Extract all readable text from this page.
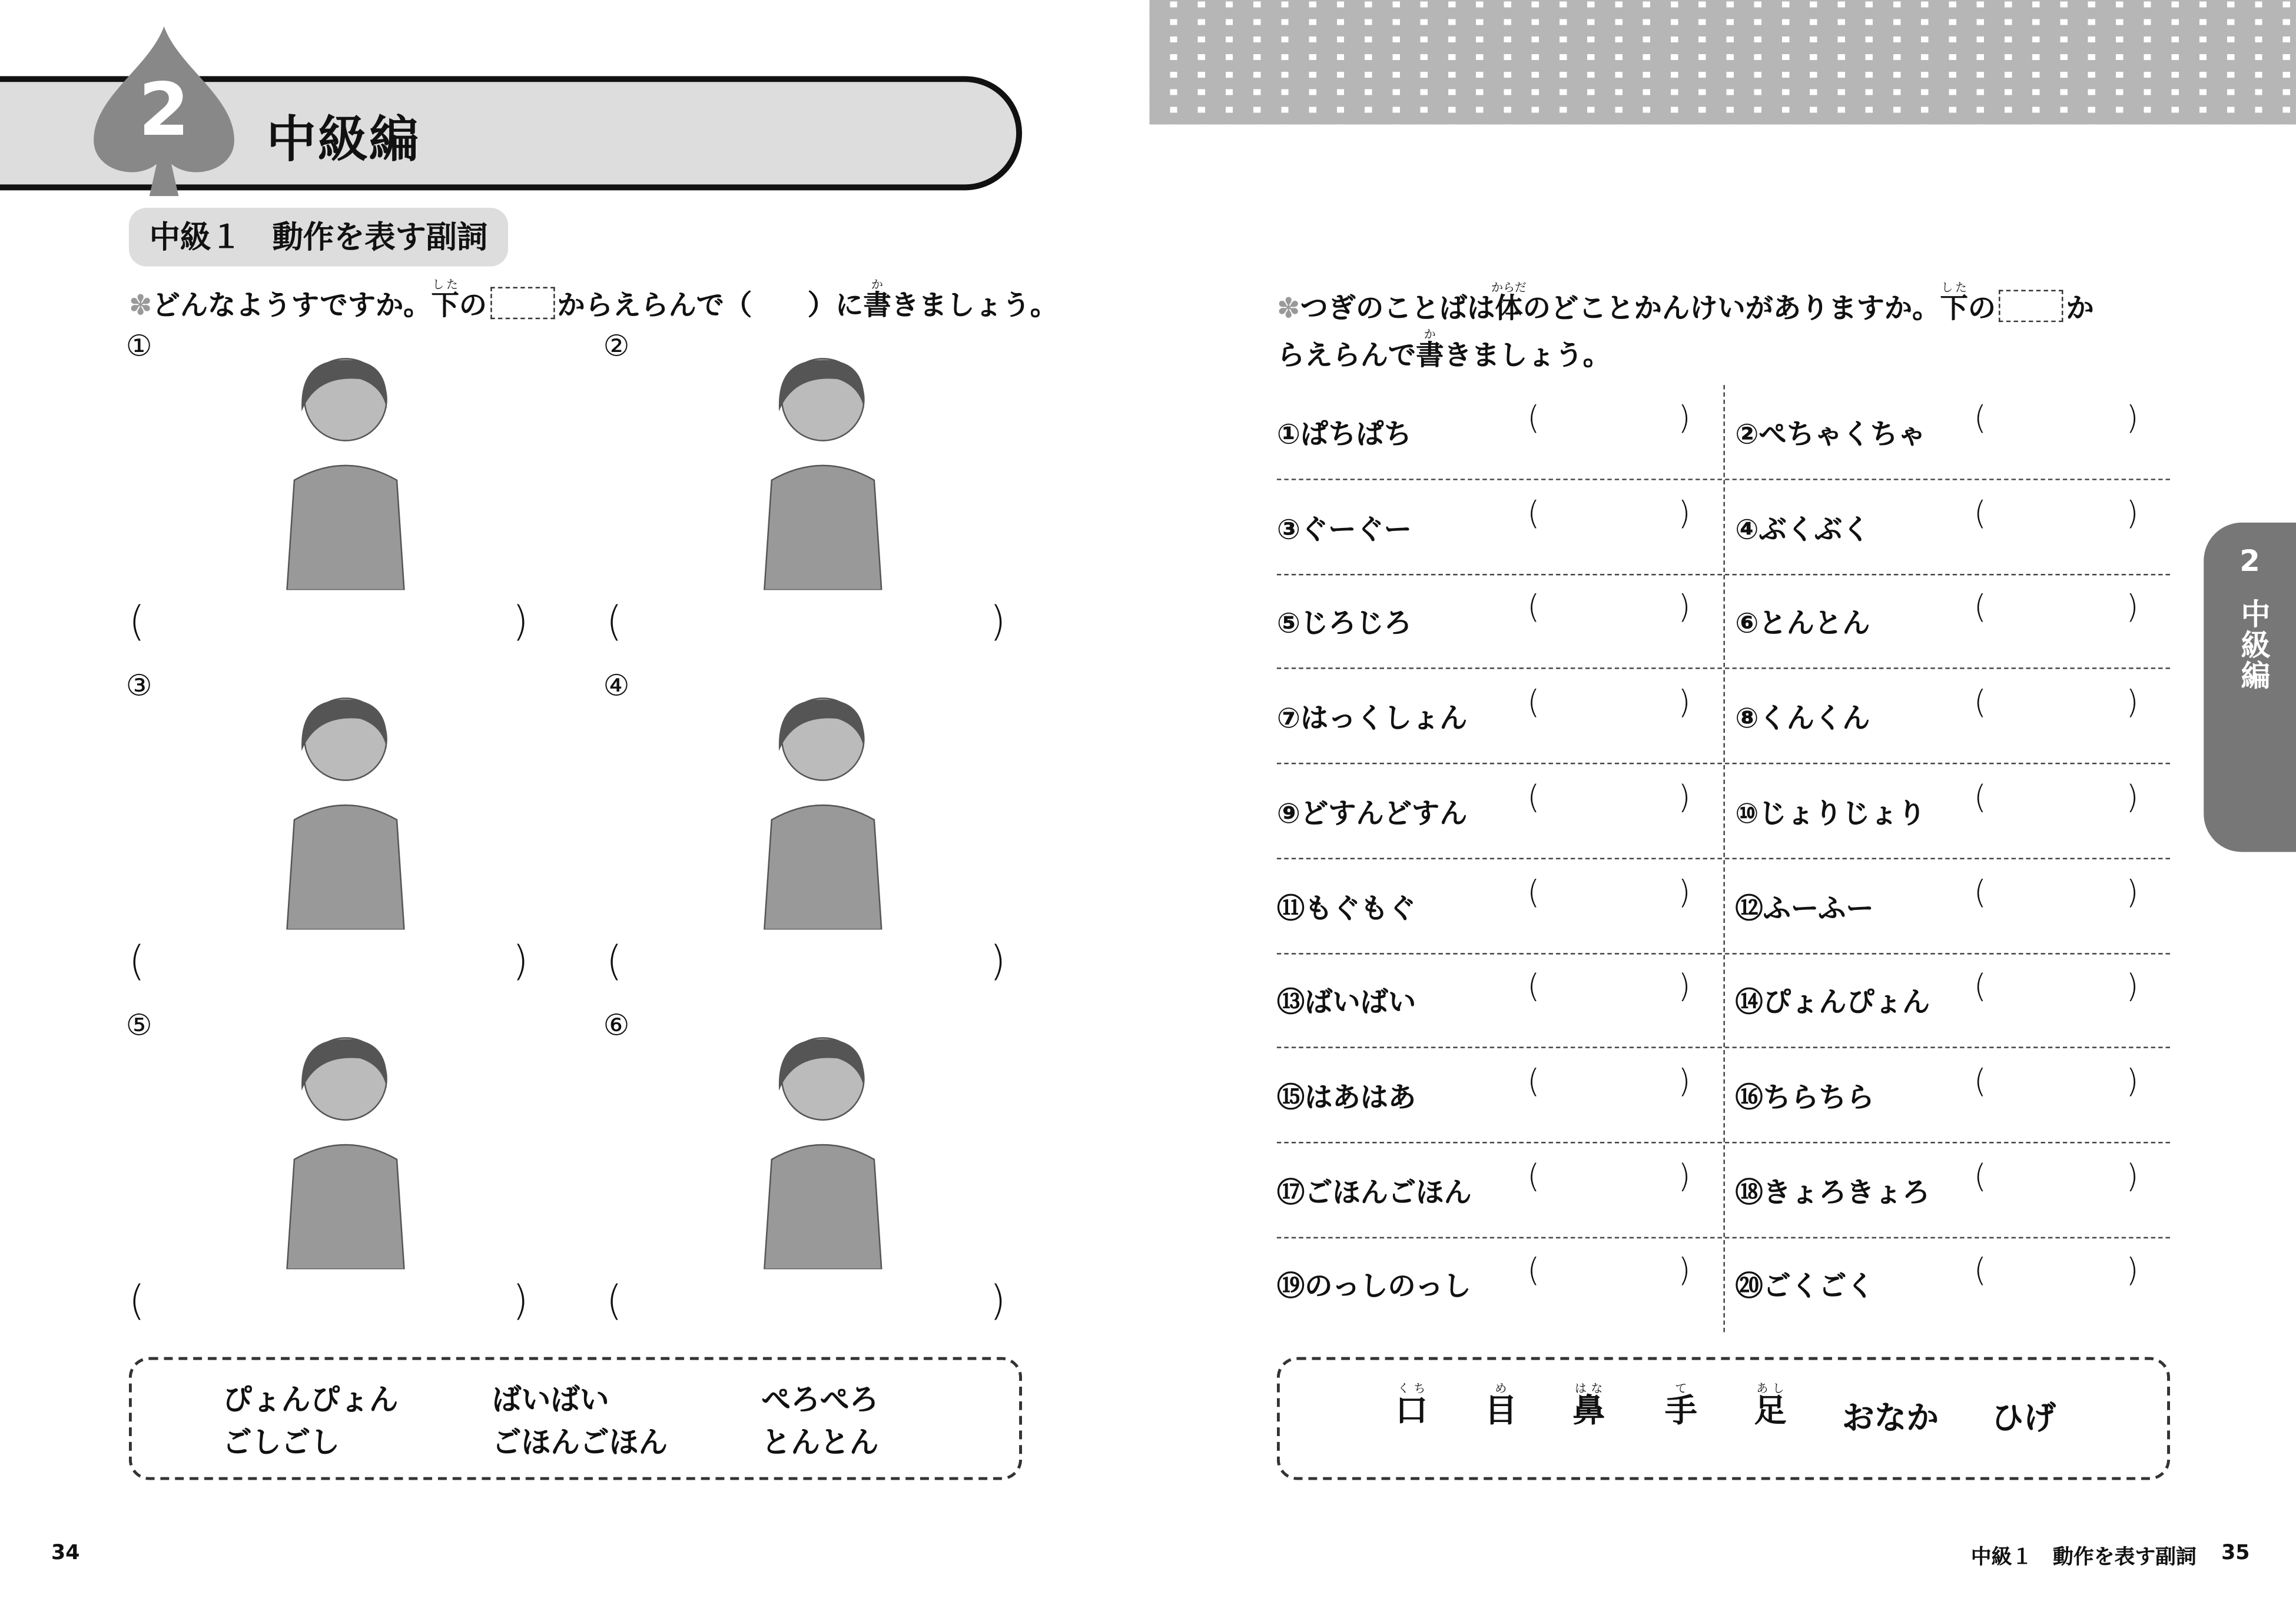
2	中級編
中級１　動作を表す副詞
✽どんなようすですか。下したの	からえらんで（　　）に書かきましょう。
①
(	)
②
(	)
③
(	)
④
(	)
⑤
(	)
⑥
(	)
ぴょんぴょん	ばいばい	ぺろぺろ
ごしごし	ごほんごほん	とんとん
34
✽つぎのことばは体からだのどことかんけいがありますか。下したの	か
らえらんで書かきましょう。
①ぱちぱち	(	)	②ぺちゃくちゃ	(	)
③ぐーぐー	(	)	④ぶくぶく	(	)
⑤じろじろ	(	)	⑥とんとん	(	)
⑦はっくしょん	(	)	⑧くんくん	(	)
⑨どすんどすん	(	)	⑩じょりじょり	(	)
⑪もぐもぐ	(	)	⑫ふーふー	(	)
⑬ばいばい	(	)	⑭ぴょんぴょん	(	)
⑮はあはあ	(	)	⑯ちらちら	(	)
⑰ごほんごほん	(	)	⑱きょろきょろ	(	)
⑲のっしのっし	(	)	⑳ごくごく	(	)
口くち
目め
鼻はな
手て
足あし
おなか	ひげ
2
中級編
中級１　動作を表す副詞	35
